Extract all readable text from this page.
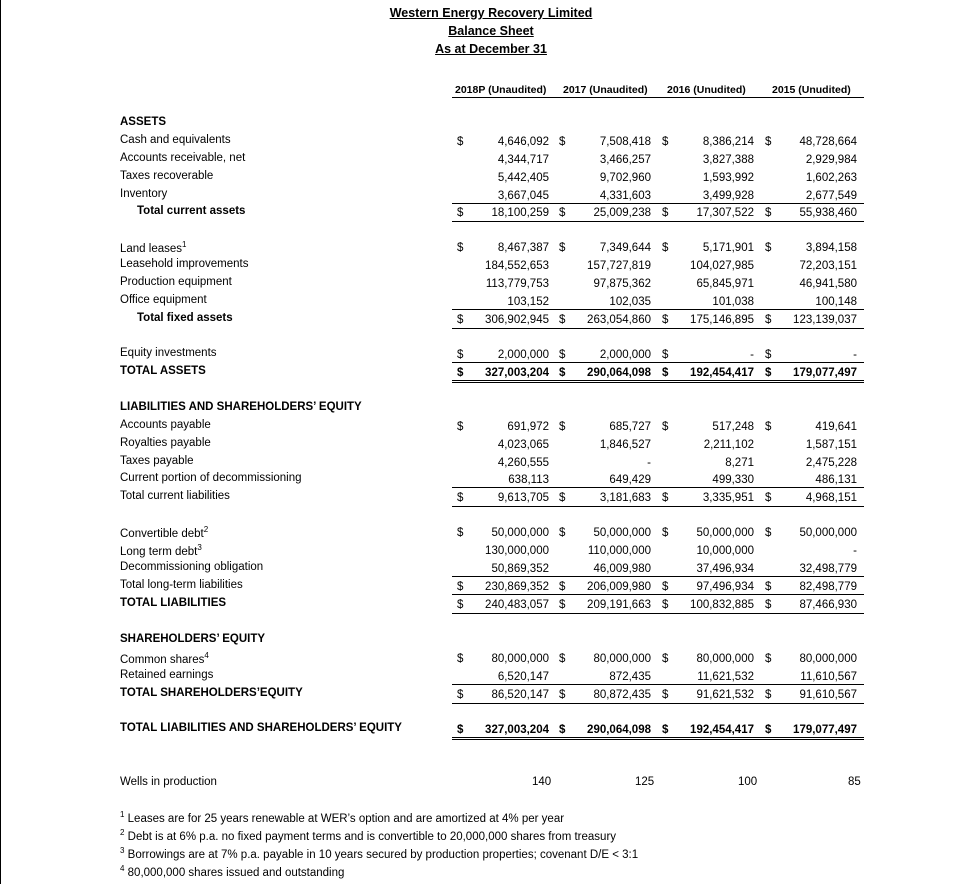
Western Energy Recovery Limited
Balance Sheet
As at December 31
2018P (Unaudited) 2017 (Unaudited) 2016 (Unudited) 2015 (Unudited)
ASSETS
Cash and equivalents	$	4,646,092 $	7,508,418 $	8,386,214 $ 48,728,664
Accounts receivable, net	4,344,717	3,466,257	3,827,388	2,929,984
Taxes recoverable	5,442,405	9,702,960	1,593,992	1,602,263
Inventory	3,667,045	4,331,603	3,499,928	2,677,549
Total current assets	$ 18,100,259 $ 25,009,238 $ 17,307,522 $ 55,938,460
Land leases$^1$	$	8,467,387 $	7,349,644 $	5,171,901 $	3,894,158
Leasehold improvements	184,552,653	157,727,819	104,027,985	72,203,151
Production equipment	113,779,753	97,875,362	65,845,971	46,941,580
Office equipment	103,152	102,035	101,038	100,148
Total fixed assets	$ 306,902,945 $ 263,054,860 $ 175,146,895 $ 123,139,037
Equity investments	$	2,000,000 $	2,000,000 $	- $	-
TOTAL ASSETS	$ 327,003,204 $ 290,064,098 $ 192,454,417 $ 179,077,497
LIABILITIES AND SHAREHOLDERS’ EQUITY
Accounts payable	$	691,972 $	685,727 $	517,248 $	419,641
Royalties payable	4,023,065	1,846,527	2,211,102	1,587,151
Taxes payable	4,260,555	-	8,271	2,475,228
Current portion of decommissioning	638,113	649,429	499,330	486,131
Total current liabilities	$	9,613,705 $	3,181,683 $	3,335,951 $	4,968,151
Convertible debt$^2$	$ 50,000,000 $ 50,000,000 $ 50,000,000 $ 50,000,000
Long term debt$^3$	130,000,000	110,000,000	10,000,000	-
Decommissioning obligation	50,869,352	46,009,980	37,496,934	32,498,779
Total long-term liabilities	$ 230,869,352 $ 206,009,980 $ 97,496,934 $ 82,498,779
TOTAL LIABILITIES	$ 240,483,057 $ 209,191,663 $ 100,832,885 $ 87,466,930
SHAREHOLDERS’ EQUITY
Common shares$^4$	$ 80,000,000 $ 80,000,000 $ 80,000,000 $ 80,000,000
Retained earnings	6,520,147	872,435	11,621,532	11,610,567
TOTAL SHAREHOLDERS’EQUITY	$ 86,520,147 $ 80,872,435 $ 91,621,532 $ 91,610,567
TOTAL LIABILITIES AND SHAREHOLDERS’ EQUITY	$ 327,003,204 $ 290,064,098 $ 192,454,417 $ 179,077,497
Wells in production	140	125	100	85
$^1$ Leases are for 25 years renewable at WER’s option and are amortized at 4% per year
$^2$ Debt is at 6% p.a. no fixed payment terms and is convertible to 20,000,000 shares from treasury
$^3$ Borrowings are at 7% p.a. payable in 10 years secured by production properties; covenant D/E < 3:1
$^4$ 80,000,000 shares issued and outstanding
